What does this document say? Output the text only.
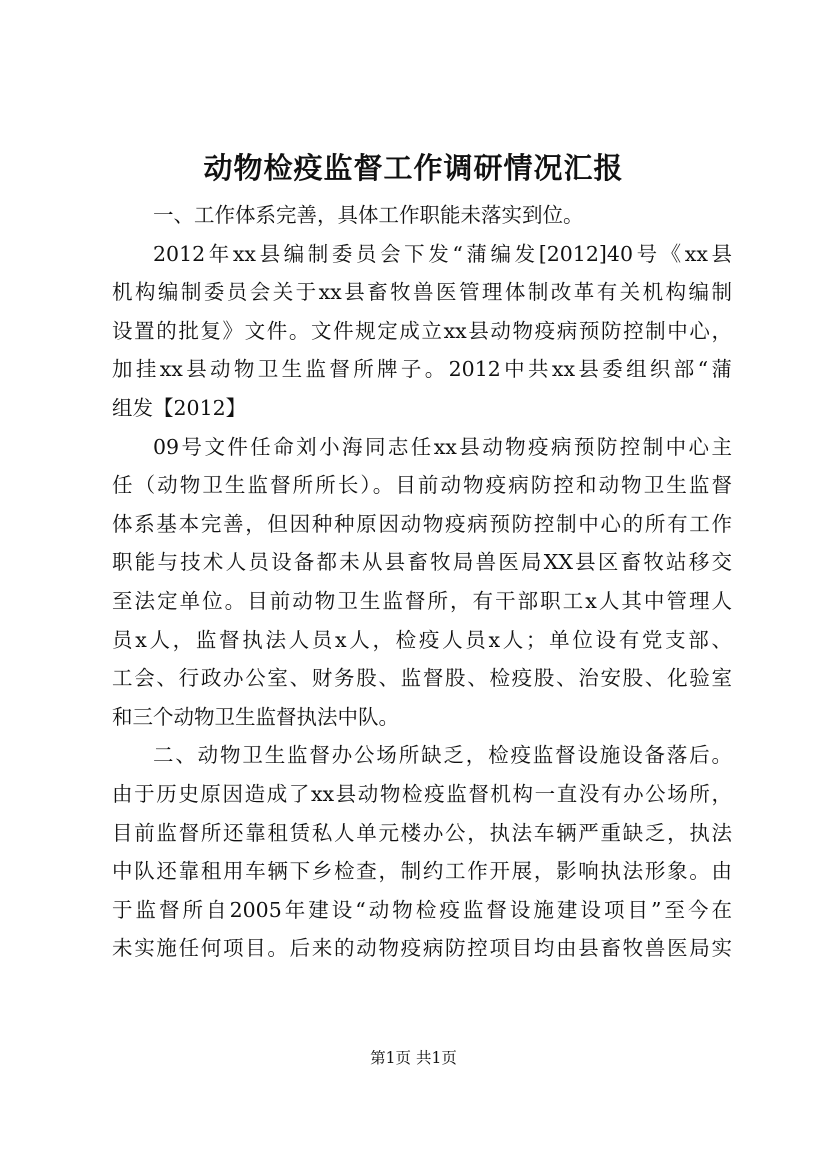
动物检疫监督工作调研情况汇报
一、工作体系完善，具体工作职能未落实到位。
2012年xx县编制委员会下发“蒲编发[2012]40号《xx县
机构编制委员会关于xx县畜牧兽医管理体制改革有关机构编制
设置的批复》文件。文件规定成立xx县动物疫病预防控制中心，
加挂xx县动物卫生监督所牌子。2012中共xx县委组织部“蒲
组发【2012】
09号文件任命刘小海同志任xx县动物疫病预防控制中心主
任（动物卫生监督所所长）。目前动物疫病防控和动物卫生监督
体系基本完善，但因种种原因动物疫病预防控制中心的所有工作
职能与技术人员设备都未从县畜牧局兽医局XX县区畜牧站移交
至法定单位。目前动物卫生监督所，有干部职工x人其中管理人
员x人，监督执法人员x人，检疫人员x人；单位设有党支部、
工会、行政办公室、财务股、监督股、检疫股、治安股、化验室
和三个动物卫生监督执法中队。
二、动物卫生监督办公场所缺乏，检疫监督设施设备落后。
由于历史原因造成了xx县动物检疫监督机构一直没有办公场所，
目前监督所还靠租赁私人单元楼办公，执法车辆严重缺乏，执法
中队还靠租用车辆下乡检查，制约工作开展，影响执法形象。由
于监督所自2005年建设“动物检疫监督设施建设项目”至今在
未实施任何项目。后来的动物疫病防控项目均由县畜牧兽医局实
第1页 共1页
